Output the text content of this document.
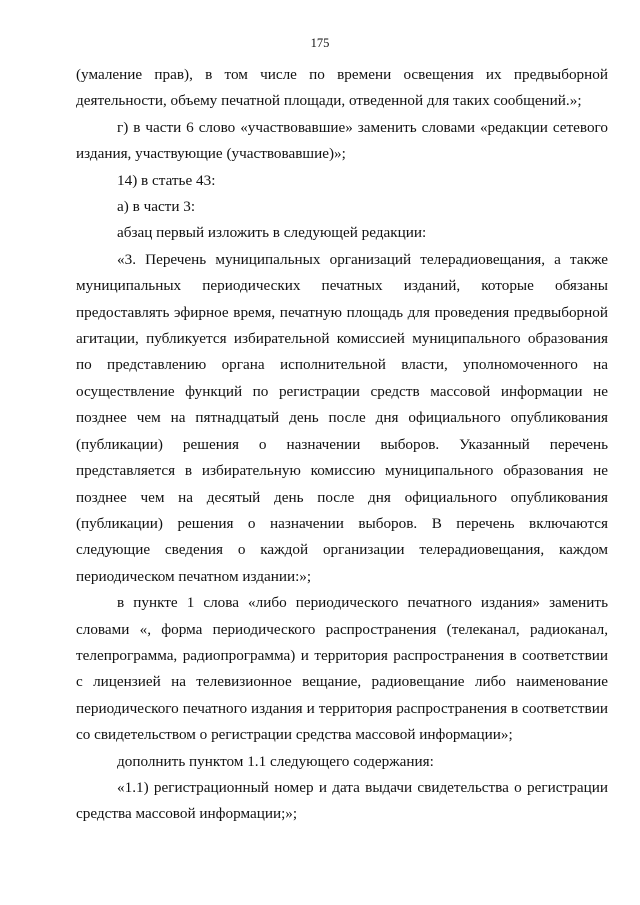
175

(умаление прав), в том числе по времени освещения их предвыборной деятельности, объему печатной площади, отведенной для таких сообщений.»;

г) в части 6 слово «участвовавшие» заменить словами «редакции сетевого издания, участвующие (участвовавшие)»;

14) в статье 43:

а) в части 3:

абзац первый изложить в следующей редакции:

«3. Перечень муниципальных организаций телерадиовещания, а также муниципальных периодических печатных изданий, которые обязаны предоставлять эфирное время, печатную площадь для проведения предвыборной агитации, публикуется избирательной комиссией муниципального образования по представлению органа исполнительной власти, уполномоченного на осуществление функций по регистрации средств массовой информации не позднее чем на пятнадцатый день после дня официального опубликования (публикации) решения о назначении выборов. Указанный перечень представляется в избирательную комиссию муниципального образования не позднее чем на десятый день после дня официального опубликования (публикации) решения о назначении выборов. В перечень включаются следующие сведения о каждой организации телерадиовещания, каждом периодическом печатном издании:»;

в пункте 1 слова «либо периодического печатного издания» заменить словами «, форма периодического распространения (телеканал, радиоканал, телепрограмма, радиопрограмма) и территория распространения в соответствии с лицензией на телевизионное вещание, радиовещание либо наименование периодического печатного издания и территория распространения в соответствии со свидетельством о регистрации средства массовой информации»;

дополнить пунктом 1.1 следующего содержания:

«1.1) регистрационный номер и дата выдачи свидетельства о регистрации средства массовой информации;»;
